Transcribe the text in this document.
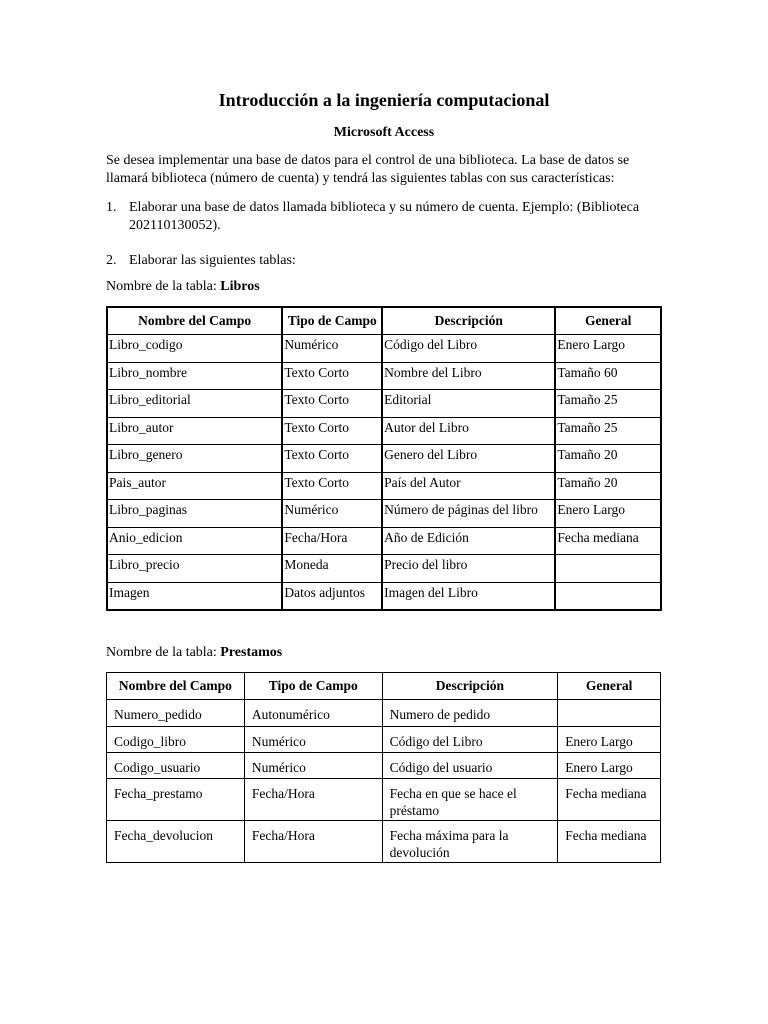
Introducción a la ingeniería computacional
Microsoft Access
Se desea implementar una base de datos para el control de una biblioteca. La base de datos se llamará biblioteca (número de cuenta) y tendrá las siguientes tablas con sus características:
1. Elaborar una base de datos llamada biblioteca y su número de cuenta. Ejemplo: (Biblioteca 202110130052).
2. Elaborar las siguientes tablas:
Nombre de la tabla: Libros
Nombre del Campo	Tipo de Campo	Descripción	General
Libro_codigo	Numérico	Código del Libro	Enero Largo
Libro_nombre	Texto Corto	Nombre del Libro	Tamaño 60
Libro_editorial	Texto Corto	Editorial	Tamaño 25
Libro_autor	Texto Corto	Autor del Libro	Tamaño 25
Libro_genero	Texto Corto	Genero del Libro	Tamaño 20
Pais_autor	Texto Corto	País del Autor	Tamaño 20
Libro_paginas	Numérico	Número de páginas del libro	Enero Largo
Anio_edicion	Fecha/Hora	Año de Edición	Fecha mediana
Libro_precio	Moneda	Precio del libro	
Imagen	Datos adjuntos	Imagen del Libro	
Nombre de la tabla: Prestamos
Nombre del Campo	Tipo de Campo	Descripción	General
Numero_pedido	Autonumérico	Numero de pedido	
Codigo_libro	Numérico	Código del Libro	Enero Largo
Codigo_usuario	Numérico	Código del usuario	Enero Largo
Fecha_prestamo	Fecha/Hora	Fecha en que se hace el préstamo	Fecha mediana
Fecha_devolucion	Fecha/Hora	Fecha máxima para la devolución	Fecha mediana
